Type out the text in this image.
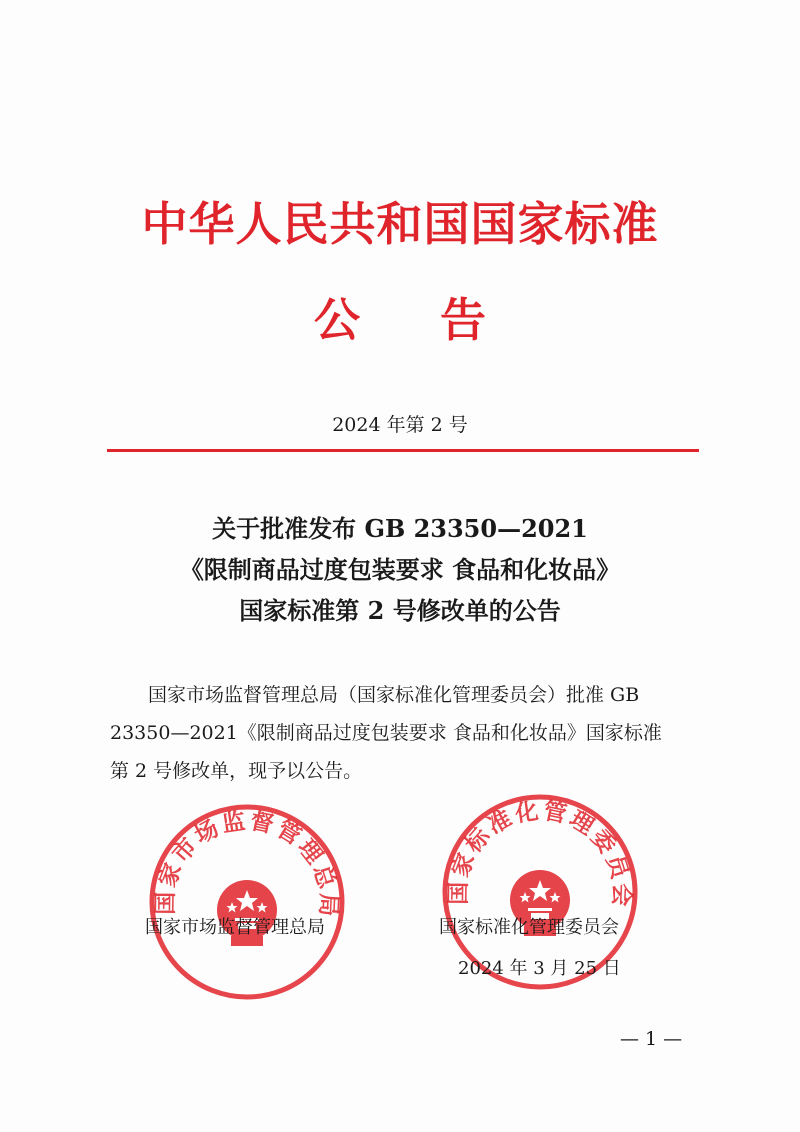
中华人民共和国国家标准
公告
2024 年第 2 号
关于批准发布 GB 23350—2021
《限制商品过度包装要求 食品和化妆品》
国家标准第 2 号修改单的公告
国家市场监督管理总局（国家标准化管理委员会）批准 GB
23350—2021《限制商品过度包装要求 食品和化妆品》国家标准
第 2 号修改单，现予以公告。
国家市场监督管理总局
国家标准化管理委员会
国家市场监督管理总局	国家标准化管理委员会
2024 年 3 月 25 日
— 1 —
